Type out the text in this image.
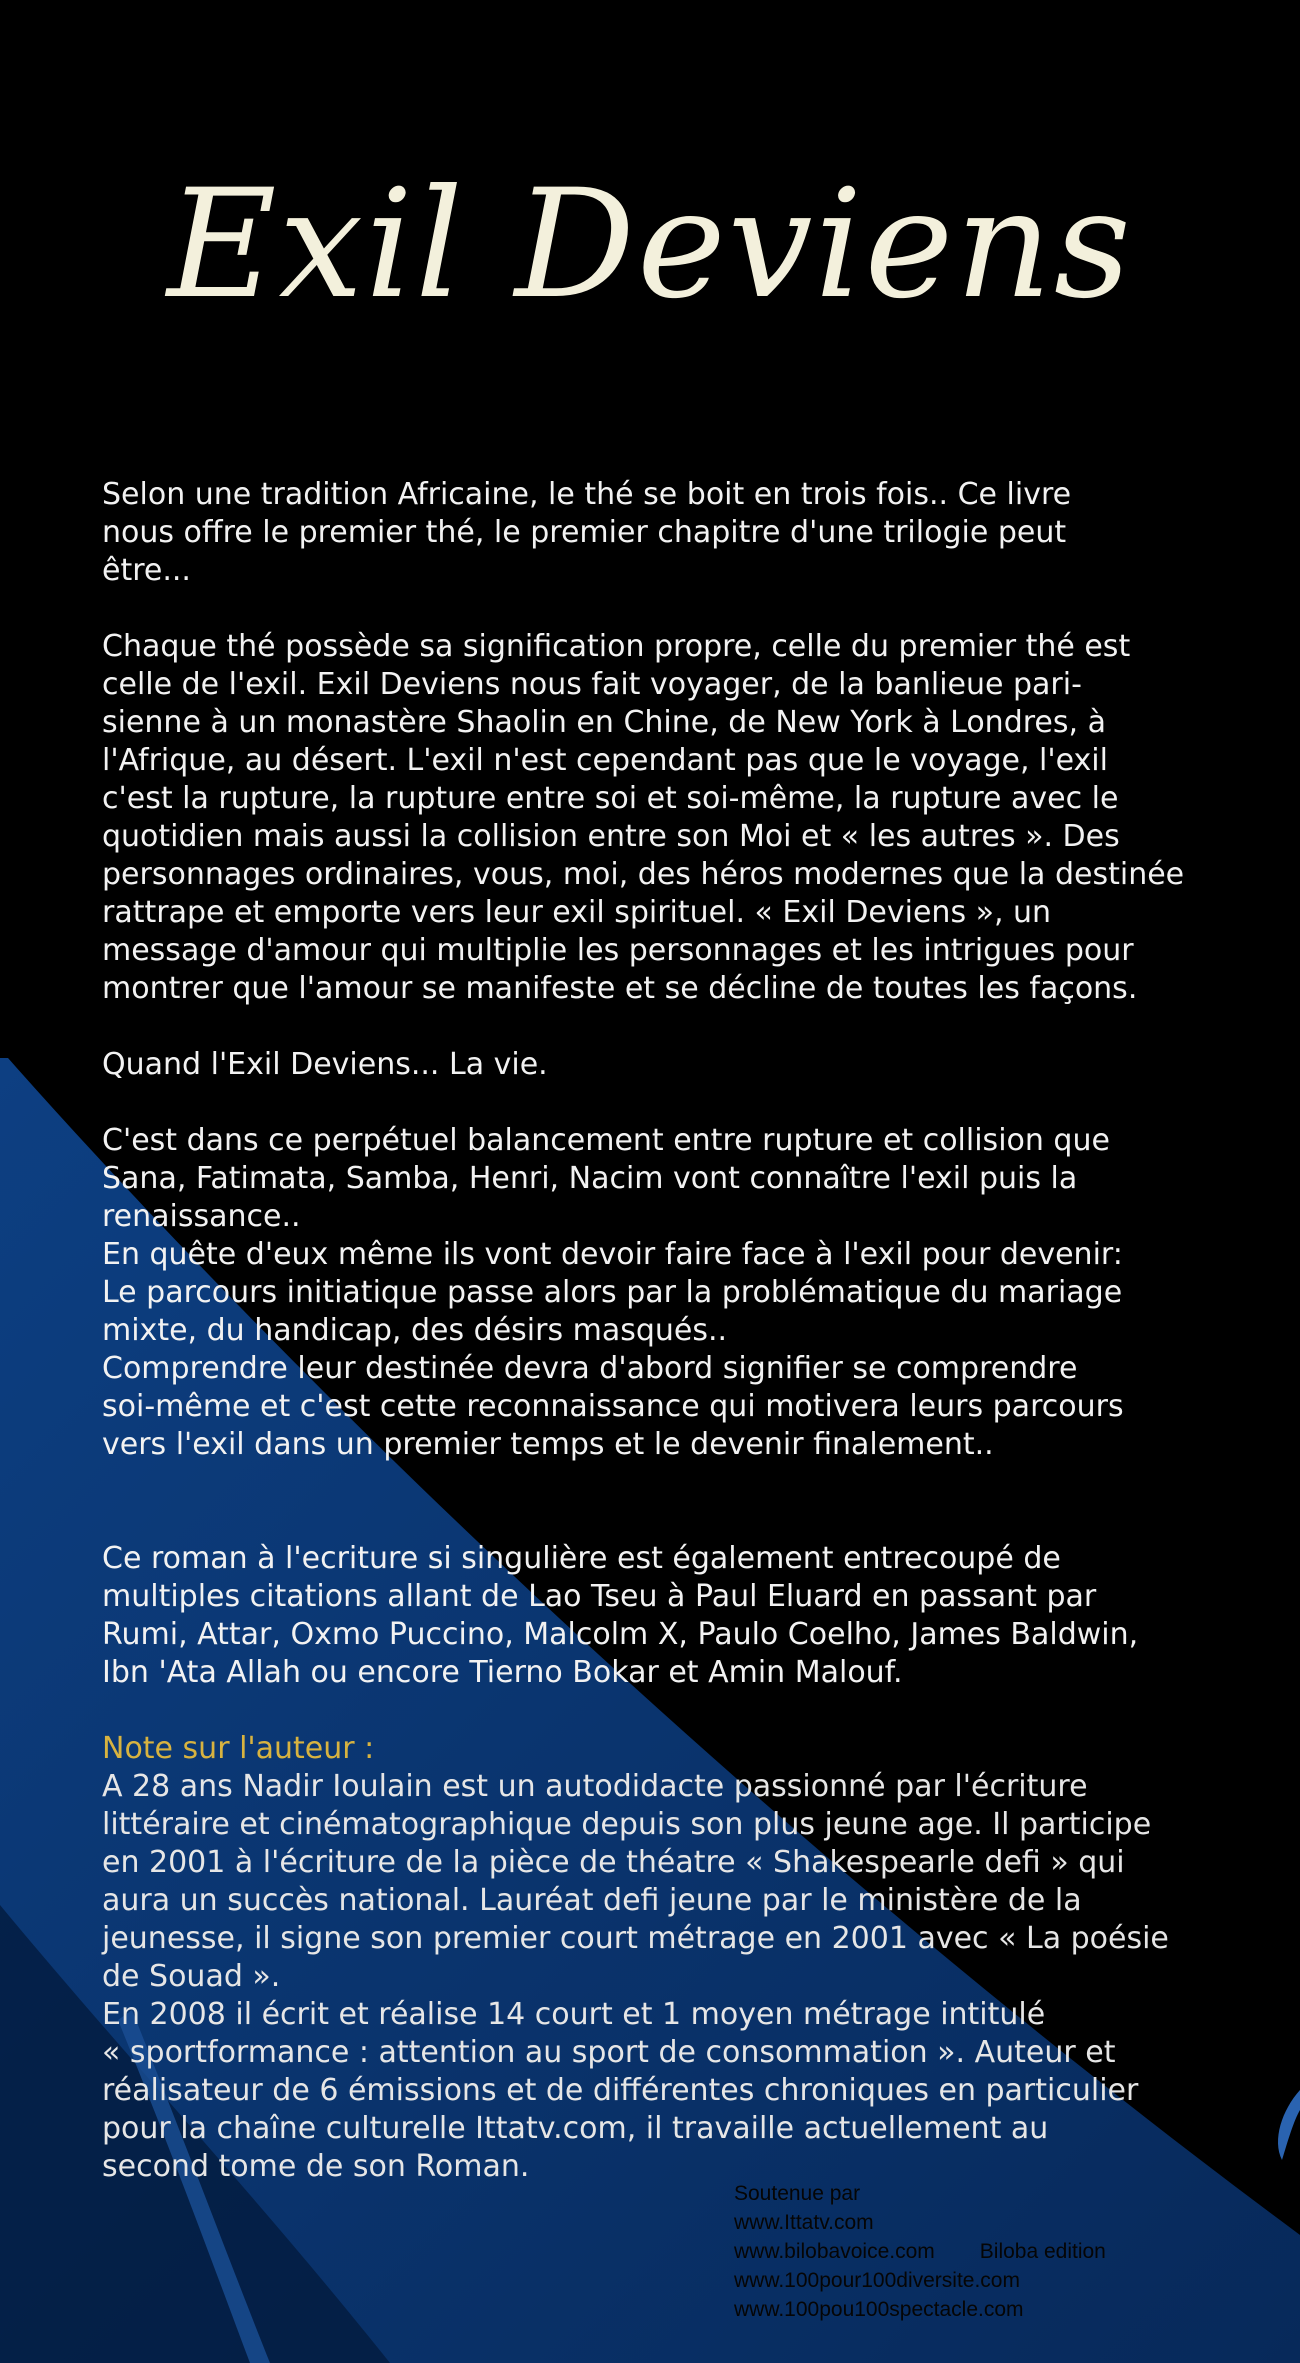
Exil Deviens

Selon une tradition Africaine, le thé se boit en trois fois.. Ce livre
nous offre le premier thé, le premier chapitre d'une trilogie peut
être...

Chaque thé possède sa signification propre, celle du premier thé est
celle de l'exil. Exil Deviens nous fait voyager, de la banlieue pari-
sienne à un monastère Shaolin en Chine, de New York à Londres, à
l'Afrique, au désert. L'exil n'est cependant pas que le voyage, l'exil
c'est la rupture, la rupture entre soi et soi-même, la rupture avec le
quotidien mais aussi la collision entre son Moi et « les autres ». Des
personnages ordinaires, vous, moi, des héros modernes que la destinée
rattrape et emporte vers leur exil spirituel. « Exil Deviens », un
message d'amour qui multiplie les personnages et les intrigues pour
montrer que l'amour se manifeste et se décline de toutes les façons.

Quand l'Exil Deviens... La vie.

C'est dans ce perpétuel balancement entre rupture et collision que
Sana, Fatimata, Samba, Henri, Nacim vont connaître l'exil puis la
renaissance..
En quête d'eux même ils vont devoir faire face à l'exil pour devenir:
Le parcours initiatique passe alors par la problématique du mariage
mixte, du handicap, des désirs masqués..
Comprendre leur destinée devra d'abord signifier se comprendre
soi-même et c'est cette reconnaissance qui motivera leurs parcours
vers l'exil dans un premier temps et le devenir finalement..

Ce roman à l'ecriture si singulière est également entrecoupé de
multiples citations allant de Lao Tseu à Paul Eluard en passant par
Rumi, Attar, Oxmo Puccino, Malcolm X, Paulo Coelho, James Baldwin,
Ibn 'Ata Allah ou encore Tierno Bokar et Amin Malouf.

Note sur l'auteur :

A 28 ans Nadir Ioulain est un autodidacte passionné par l'écriture
littéraire et cinématographique depuis son plus jeune age. Il participe
en 2001 à l'écriture de la pièce de théatre « Shakespearle defi » qui
aura un succès national. Lauréat defi jeune par le ministère de la
jeunesse, il signe son premier court métrage en 2001 avec « La poésie
de Souad ».
En 2008 il écrit et réalise 14 court et 1 moyen métrage intitulé
« sportformance : attention au sport de consommation ». Auteur et
réalisateur de 6 émissions et de différentes chroniques en particulier
pour la chaîne culturelle Ittatv.com, il travaille actuellement au
second tome de son Roman.

Soutenue par
www.Ittatv.com
www.bilobavoice.com Biloba edition
www.100pour100diversite.com
www.100pou100spectacle.com
